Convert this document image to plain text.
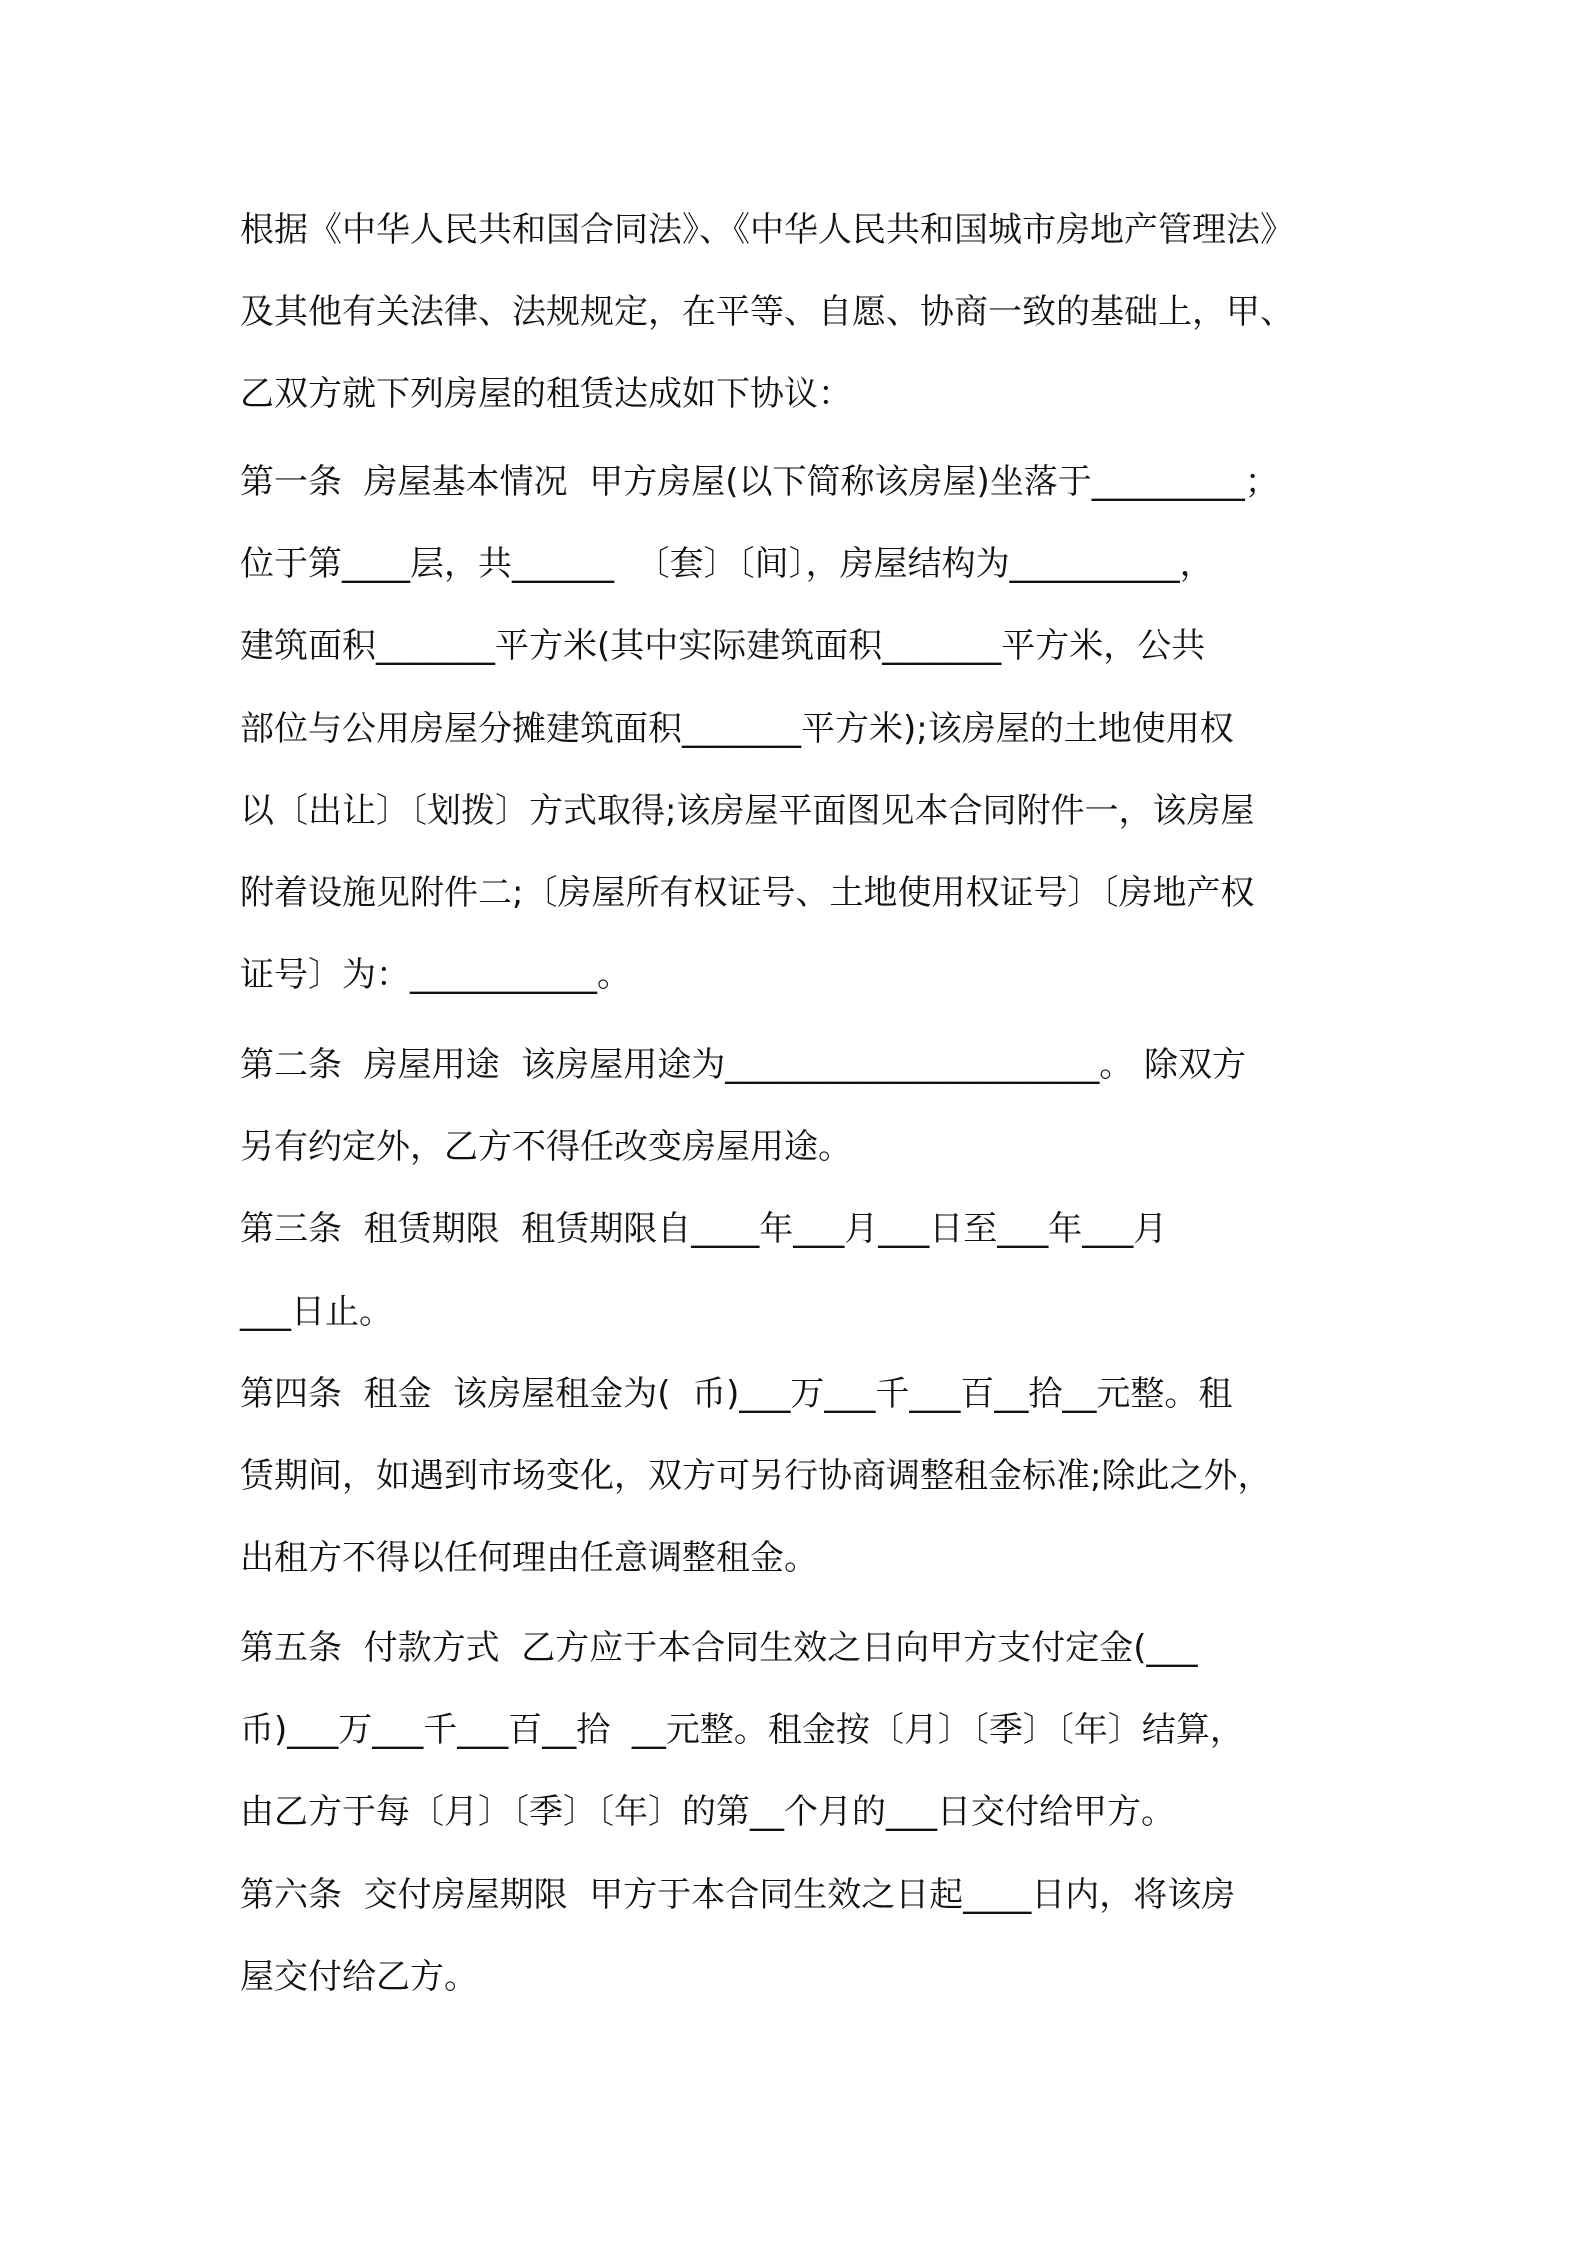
根据《中华人民共和国合同法》、《中华人民共和国城市房地产管理法》
及其他有关法律、法规规定，在平等、自愿、协商一致的基础上，甲、
乙双方就下列房屋的租赁达成如下协议：
第一条  房屋基本情况  甲方房屋(以下简称该房屋)坐落于_________；
位于第____层，共______  〔套〕〔间〕，房屋结构为__________，
建筑面积_______平方米(其中实际建筑面积_______平方米，公共
部位与公用房屋分摊建筑面积_______平方米);该房屋的土地使用权
以〔出让〕〔划拨〕方式取得;该房屋平面图见本合同附件一，该房屋
附着设施见附件二;〔房屋所有权证号、土地使用权证号〕〔房地产权
证号〕为：___________。
第二条  房屋用途  该房屋用途为______________________。 除双方
另有约定外，乙方不得任改变房屋用途。
第三条  租赁期限  租赁期限自____年___月___日至___年___月
___日止。
第四条  租金  该房屋租金为(  币)___万___千___百__拾__元整。租
赁期间，如遇到市场变化，双方可另行协商调整租金标准;除此之外，
出租方不得以任何理由任意调整租金。
第五条  付款方式  乙方应于本合同生效之日向甲方支付定金(___
币)___万___千___百__拾  __元整。租金按〔月〕〔季〕〔年〕结算，
由乙方于每〔月〕〔季〕〔年〕的第__个月的___日交付给甲方。
第六条  交付房屋期限  甲方于本合同生效之日起____日内，将该房
屋交付给乙方。
